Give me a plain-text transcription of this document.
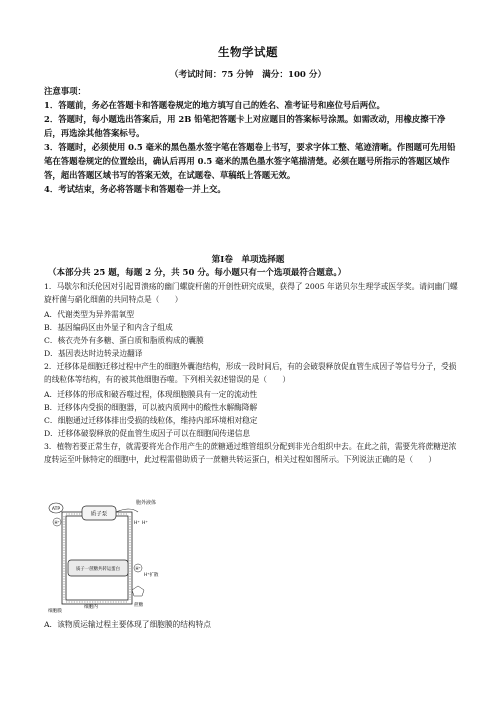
生物学试题
（考试时间：75 分钟　满分：100 分）
注意事项：
1．答题前，务必在答题卡和答题卷规定的地方填写自己的姓名、准考证号和座位号后两位。
2．答题时，每小题选出答案后，用 2B 铅笔把答题卡上对应题目的答案标号涂黑。如需改动，用橡皮擦干净后，再选涂其他答案标号。
3．答题时，必须使用 0.5 毫米的黑色墨水签字笔在答题卷上书写，要求字体工整、笔迹清晰。作图题可先用铅笔在答题卷规定的位置绘出，确认后再用 0.5 毫米的黑色墨水签字笔描清楚。必须在题号所指示的答题区域作答，超出答题区域书写的答案无效，在试题卷、草稿纸上答题无效。
4．考试结束，务必将答题卡和答题卷一并上交。
第Ⅰ卷　单项选择题
（本部分共 25 题，每题 2 分，共 50 分。每小题只有一个选项最符合题意。）
1．马歇尔和沃伦因对引起胃溃疡的幽门螺旋杆菌的开创性研究成果，获得了 2005 年诺贝尔生理学或医学奖。请问幽门螺旋杆菌与硝化细菌的共同特点是（　　）
A．代谢类型为异养需氧型
B．基因编码区由外显子和内含子组成
C．核衣壳外有多糖、蛋白质和脂质构成的囊膜
D．基因表达时边转录边翻译
2．迁移体是细胞迁移过程中产生的细胞外囊泡结构，形成一段时间后，有的会破裂释放促血管生成因子等信号分子，受损的线粒体等结构，有的被其他细胞吞噬。下列相关叙述错误的是（　　）
A．迁移体的形成和破吞噬过程，体现细胞膜具有一定的流动性
B．迁移体内受损的细胞器，可以被内质网中的酸性水解酶降解
C．细胞通过迁移体排出受损的线粒体，维持内部环境相对稳定
D．迁移体破裂释放的促血管生成因子可以在细胞间传递信息
3．植物若要正常生存，就需要将光合作用产生的蔗糖通过维管组织分配到非光合组织中去。在此之前，需要先将蔗糖逆浓度转运至叶脉特定的细胞中，此过程需借助质子一蔗糖共转运蛋白，相关过程如图所示。下列说法正确的是（　　）
质子泵
ATP
H⁺
胞外液体
H⁺ H⁺
质子一蔗糖共转运蛋白	H⁺
H⁺扩散
蔗糖
细胞膜
细胞内
A．该物质运输过程主要体现了细胞膜的结构特点
